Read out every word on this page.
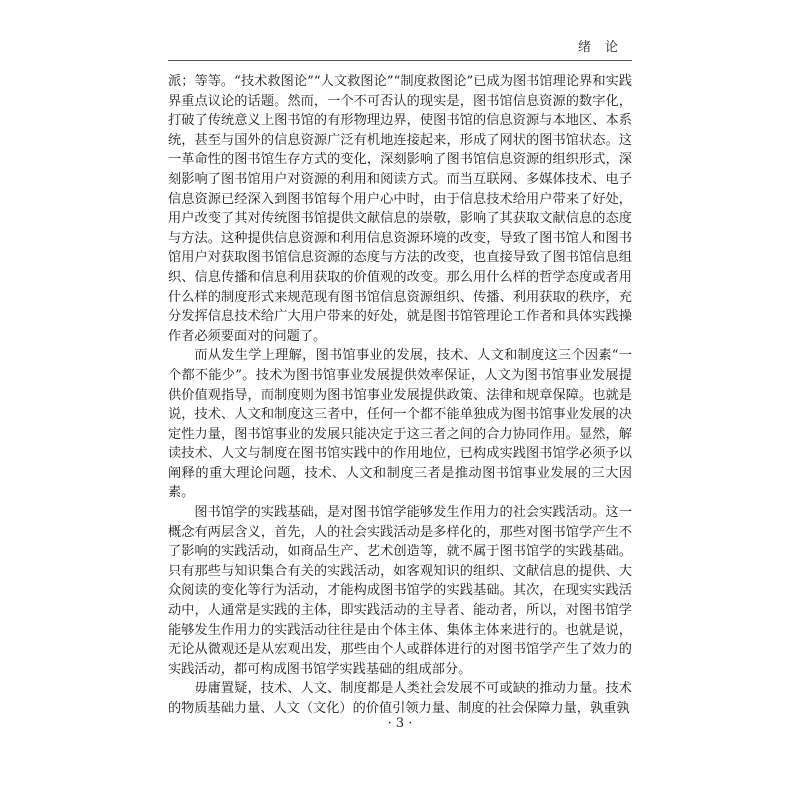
绪论

派；等等。“技术救图论”“人文救图论”“制度救图论”已成为图书馆理论界和实践界重点议论的话题。然而，一个不可否认的现实是，图书馆信息资源的数字化，打破了传统意义上图书馆的有形物理边界，使图书馆的信息资源与本地区、本系统，甚至与国外的信息资源广泛有机地连接起来，形成了网状的图书馆状态。这一革命性的图书馆生存方式的变化，深刻影响了图书馆信息资源的组织形式，深刻影响了图书馆用户对资源的利用和阅读方式。而当互联网、多媒体技术、电子信息资源已经深入到图书馆每个用户心中时，由于信息技术给用户带来了好处，用户改变了其对传统图书馆提供文献信息的崇敬，影响了其获取文献信息的态度与方法。这种提供信息资源和利用信息资源环境的改变，导致了图书馆人和图书馆用户对获取图书馆信息资源的态度与方法的改变，也直接导致了图书馆信息组织、信息传播和信息利用获取的价值观的改变。那么用什么样的哲学态度或者用什么样的制度形式来规范现有图书馆信息资源组织、传播、利用获取的秩序，充分发挥信息技术给广大用户带来的好处，就是图书馆管理论工作者和具体实践操作者必须要面对的问题了。

而从发生学上理解，图书馆事业的发展，技术、人文和制度这三个因素“一个都不能少”。技术为图书馆事业发展提供效率保证，人文为图书馆事业发展提供价值观指导，而制度则为图书馆事业发展提供政策、法律和规章保障。也就是说，技术、人文和制度这三者中，任何一个都不能单独成为图书馆事业发展的决定性力量，图书馆事业的发展只能决定于这三者之间的合力协同作用。显然，解读技术、人文与制度在图书馆实践中的作用地位，已构成实践图书馆学必须予以阐释的重大理论问题，技术、人文和制度三者是推动图书馆事业发展的三大因素。

图书馆学的实践基础，是对图书馆学能够发生作用力的社会实践活动。这一概念有两层含义，首先，人的社会实践活动是多样化的，那些对图书馆学产生不了影响的实践活动，如商品生产、艺术创造等，就不属于图书馆学的实践基础。只有那些与知识集合有关的实践活动，如客观知识的组织、文献信息的提供、大众阅读的变化等行为活动，才能构成图书馆学的实践基础。其次，在现实实践活动中，人通常是实践的主体，即实践活动的主导者、能动者，所以，对图书馆学能够发生作用力的实践活动往往是由个体主体、集体主体来进行的。也就是说，无论从微观还是从宏观出发，那些由个人或群体进行的对图书馆学产生了效力的实践活动，都可构成图书馆学实践基础的组成部分。

毋庸置疑，技术、人文、制度都是人类社会发展不可或缺的推动力量。技术的物质基础力量、人文（文化）的价值引领力量、制度的社会保障力量，孰重孰

· 3 ·
